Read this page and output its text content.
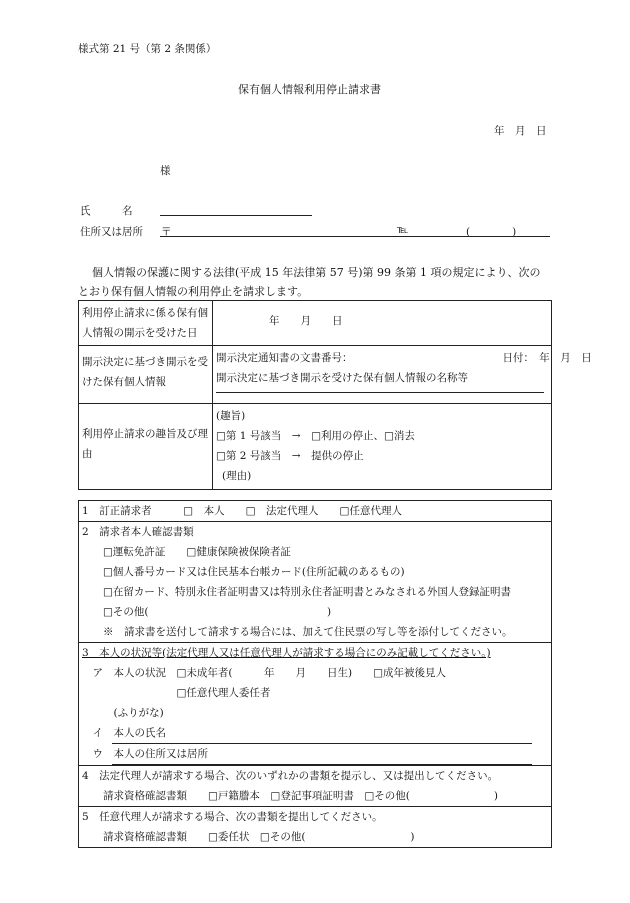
様式第 21 号（第 2 条関係）
保有個人情報利用停止請求書
年　月　日
様
氏　　　名
住所又は居所 〒	℡	(　　　　)
個人情報の保護に関する法律(平成 15 年法律第 57 号)第 99 条第 1 項の規定により、次の
とおり保有個人情報の利用停止を請求します。
利用停止請求に係る保有個人情報の開示を受けた日	年　　月　　日
開示決定に基づき開示を受けた保有個人情報	開示決定通知書の文書番号： 日付：　年　月　日
開示決定に基づき開示を受けた保有個人情報の名称等

利用停止請求の趣旨及び理由	(趣旨)
□第 1 号該当　→　□利用の停止、□消去
□第 2 号該当　→　提供の停止
(理由)
1　訂正請求者　　　□　本人　　□　法定代理人　　□任意代理人

2　請求者本人確認書類
　　□運転免許証　　□健康保険被保険者証
　　□個人番号カード又は住民基本台帳カード(住所記載のあるもの)
　　□在留カード、特別永住者証明書又は特別永住者証明書とみなされる外国人登録証明書
　　□その他(　　　　　　　　　　　　　　　　　)
　　※　請求書を送付して請求する場合には、加えて住民票の写し等を添付してください。

3　本人の状況等(法定代理人又は任意代理人が請求する場合にのみ記載してください。)
　ア　本人の状況　□未成年者(　　　年　　月　　日生)　　□成年被後見人
　　　　　　　　　□任意代理人委任者
　　　(ふりがな)
　イ　本人の氏名
　ウ　本人の住所又は居所

4　法定代理人が請求する場合、次のいずれかの書類を提示し、又は提出してください。
　　請求資格確認書類　　□戸籍謄本　□登記事項証明書　□その他(　　　　　　　　)

5　任意代理人が請求する場合、次の書類を提出してください。
　　請求資格確認書類　　□委任状　□その他(　　　　　　　　　　)
